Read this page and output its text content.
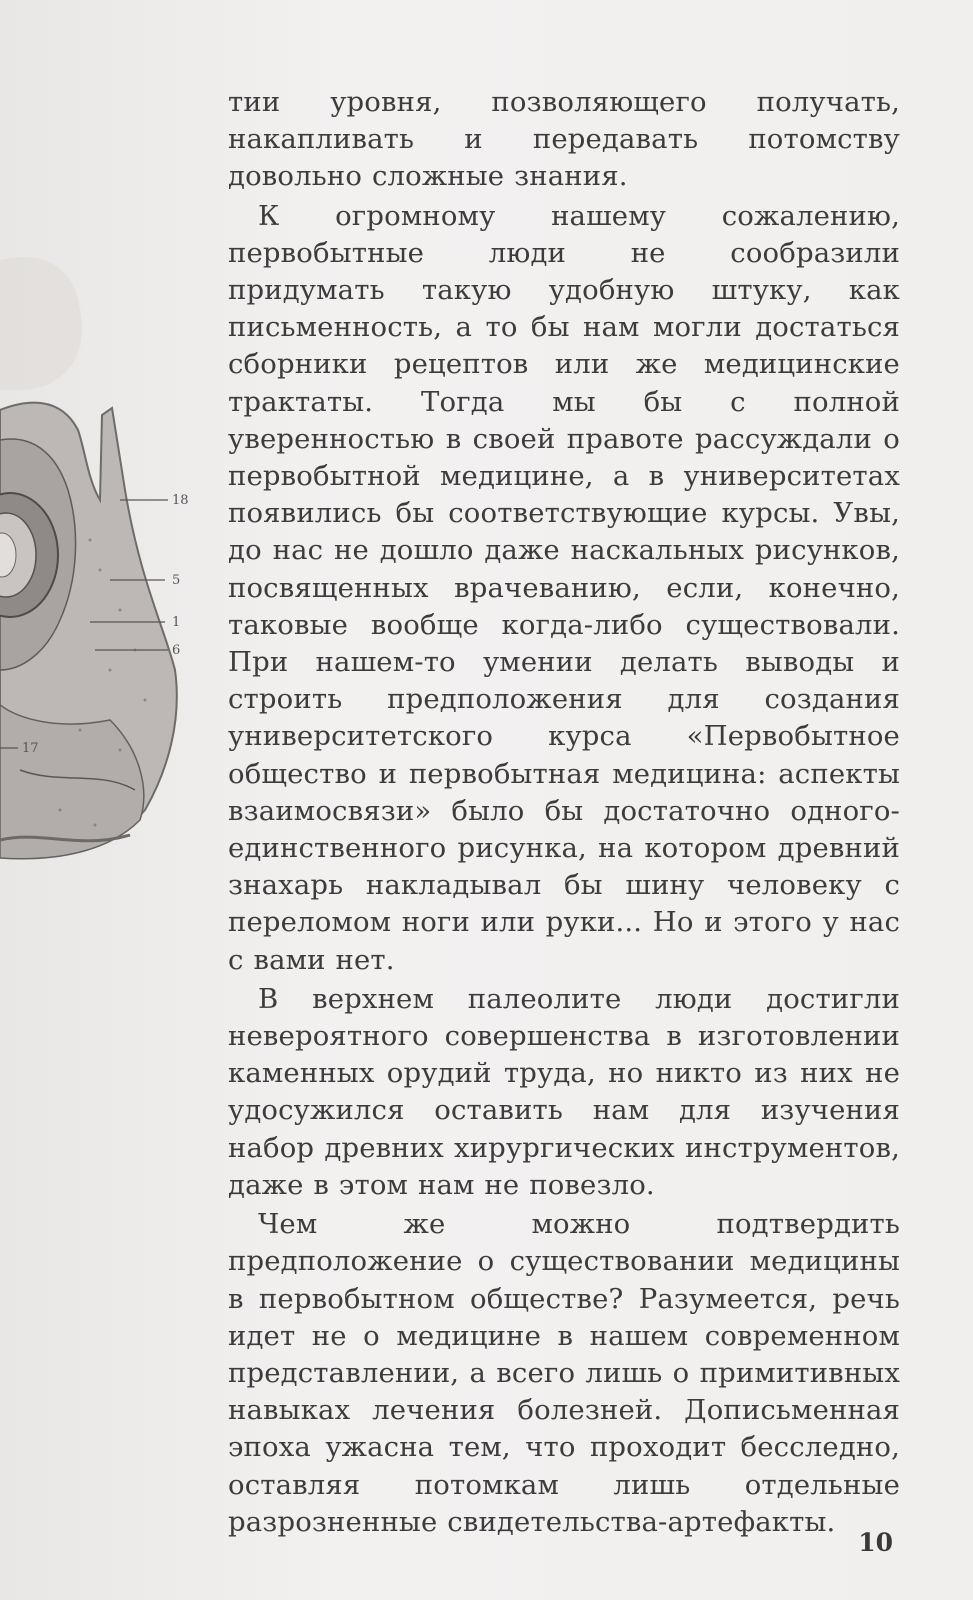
18
5
1
6
17

тии уровня, позволяющего получать, накапливать и передавать потомству довольно сложные знания.

К огромному нашему сожалению, первобытные люди не сообразили придумать такую удобную штуку, как письменность, а то бы нам могли достаться сборники рецептов или же медицинские трактаты. Тогда мы бы с полной уверенностью в своей правоте рассуждали о первобытной медицине, а в университетах появились бы соответствующие курсы. Увы, до нас не дошло даже наскальных рисунков, посвященных врачеванию, если, конечно, таковые вообще когда-либо существовали. При нашем-то умении делать выводы и строить предположения для создания университетского курса «Первобытное общество и первобытная медицина: аспекты взаимосвязи» было бы достаточно одного-единственного рисунка, на котором древний знахарь накладывал бы шину человеку с переломом ноги или руки... Но и этого у нас с вами нет.

В верхнем палеолите люди достигли невероятного совершенства в изготовлении каменных орудий труда, но никто из них не удосужился оставить нам для изучения набор древних хирургических инструментов, даже в этом нам не повезло.

Чем же можно подтвердить предположение о существовании медицины в первобытном обществе? Разумеется, речь идет не о медицине в нашем современном представлении, а всего лишь о примитивных навыках лечения болезней. Дописьменная эпоха ужасна тем, что проходит бесследно, оставляя потомкам лишь отдельные разрозненные свидетельства-артефакты.

10
